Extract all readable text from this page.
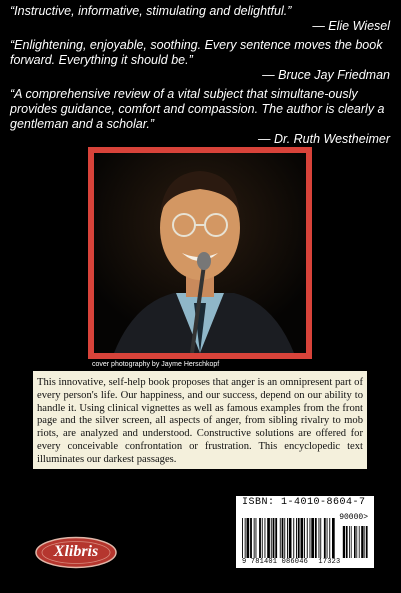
“Instructive, informative, stimulating and delightful.”

— Elie Wiesel

“Enlightening, enjoyable, soothing. Every sentence moves the book forward. Everything it should be.”

— Bruce Jay Friedman

“A comprehensive review of a vital subject that simultane-ously provides guidance, comfort and compassion. The author is clearly a gentleman and a scholar.”

— Dr. Ruth Westheimer

cover photography by Jayme Herschkopf
This innovative, self-help book proposes that anger is an omnipresent part of every person's life. Our happiness, and our success, depend on our ability to handle it. Using clinical vignettes as well as famous examples from the front page and the silver screen, all aspects of anger, from sibling rivalry to mob riots, are analyzed and understood. Constructive solutions are offered for every conceivable confrontation or frustration. This encyclopedic text illuminates our darkest passages.
Xlibris
ISBN: 1-4010-8604-7
90000>
9 781401 086046 17323
